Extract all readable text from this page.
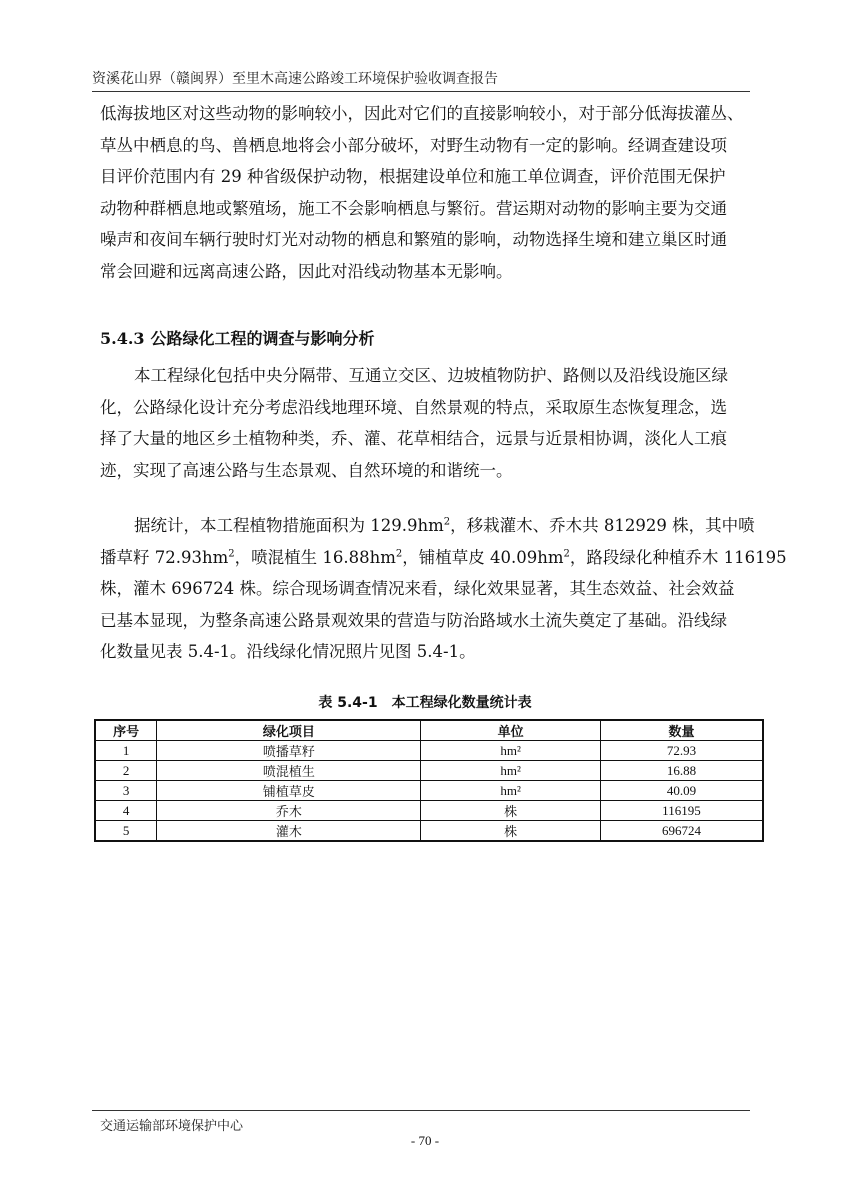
资溪花山界（赣闽界）至里木高速公路竣工环境保护验收调查报告
低海拔地区对这些动物的影响较小，因此对它们的直接影响较小，对于部分低海拔灌丛、
草丛中栖息的鸟、兽栖息地将会小部分破坏，对野生动物有一定的影响。经调查建设项
目评价范围内有 29 种省级保护动物，根据建设单位和施工单位调查，评价范围无保护
动物种群栖息地或繁殖场，施工不会影响栖息与繁衍。营运期对动物的影响主要为交通
噪声和夜间车辆行驶时灯光对动物的栖息和繁殖的影响，动物选择生境和建立巢区时通
常会回避和远离高速公路，因此对沿线动物基本无影响。
5.4.3 公路绿化工程的调查与影响分析
本工程绿化包括中央分隔带、互通立交区、边坡植物防护、路侧以及沿线设施区绿
化，公路绿化设计充分考虑沿线地理环境、自然景观的特点，采取原生态恢复理念，选
择了大量的地区乡土植物种类，乔、灌、花草相结合，远景与近景相协调，淡化人工痕
迹，实现了高速公路与生态景观、自然环境的和谐统一。
据统计，本工程植物措施面积为 $129.9hm^2$，移栽灌木、乔木共 812929 株，其中喷
播草籽 $72.93hm^2$，喷混植生 $16.88hm^2$，铺植草皮 $40.09hm^2$，路段绿化种植乔木 116195
株，灌木 696724 株。综合现场调查情况来看，绿化效果显著，其生态效益、社会效益
已基本显现，为整条高速公路景观效果的营造与防治路域水土流失奠定了基础。沿线绿
化数量见表 5.4-1。沿线绿化情况照片见图 5.4-1。
表 5.4-1　本工程绿化数量统计表
序号	绿化项目	单位	数量
1	喷播草籽	hm²	72.93
2	喷混植生	hm²	16.88
3	铺植草皮	hm²	40.09
4	乔木	株	116195
5	灌木	株	696724
交通运输部环境保护中心
- 70 -
